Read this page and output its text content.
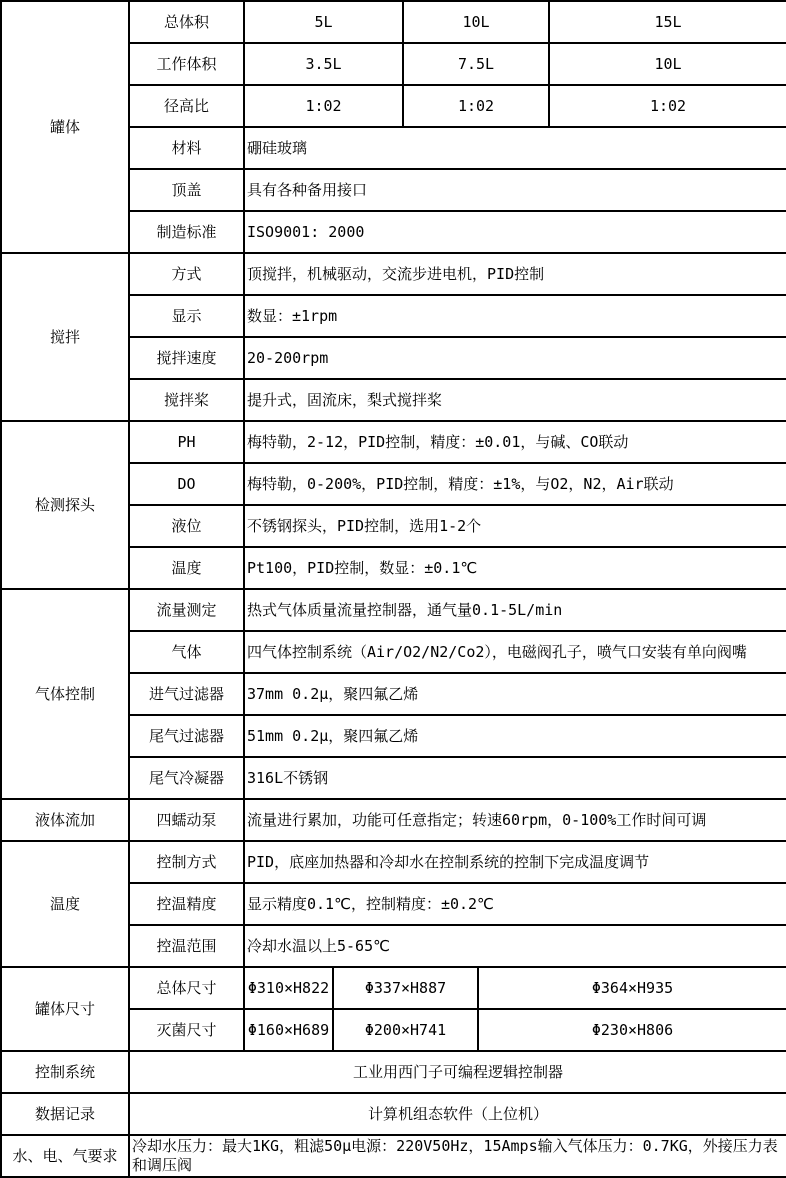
罐体	总体积	5L		10L		15L
	工作体积	3.5L		7.5L		10L
	径高比	1:02		1:02		1:02
	材料	硼硅玻璃				
	顶盖	具有各种备用接口				
	制造标准	ISO9001: 2000				
搅拌	方式	顶搅拌，机械驱动，交流步进电机，PID控制				
	显示	数显：±1rpm				
	搅拌速度	20-200rpm				
	搅拌桨	提升式，固流床，梨式搅拌桨				
检测探头	PH	梅特勒，2-12，PID控制，精度：±0.01，与碱、CO联动				
	DO	梅特勒，0-200%，PID控制，精度：±1%，与O2，N2，Air联动				
	液位	不锈钢探头，PID控制，选用1-2个				
	温度	Pt100，PID控制，数显：±0.1℃				
气体控制	流量测定	热式气体质量流量控制器，通气量0.1-5L/min				
	气体	四气体控制系统（Air/O2/N2/Co2），电磁阀孔子，喷气口安装有单向阀嘴				
	进气过滤器	37mm 0.2μ，聚四氟乙烯				
	尾气过滤器	51mm 0.2μ，聚四氟乙烯				
	尾气冷凝器	316L不锈钢				
液体流加	四蠕动泵	流量进行累加，功能可任意指定；转速60rpm，0-100%工作时间可调				
温度	控制方式	PID，底座加热器和冷却水在控制系统的控制下完成温度调节				
	控温精度	显示精度0.1℃，控制精度：±0.2℃				
	控温范围	冷却水温以上5-65℃				
罐体尺寸	总体尺寸	Φ310×H822	Φ337×H887		Φ364×H935	
	灭菌尺寸	Φ160×H689	Φ200×H741		Φ230×H806	
控制系统	工业用西门子可编程逻辑控制器					
数据记录	计算机组态软件（上位机）					
水、电、气要求	冷却水压力：最大1KG，粗滤50μ电源：220V50Hz，15Amps输入气体压力：0.7KG，外接压力表和调压阀					
